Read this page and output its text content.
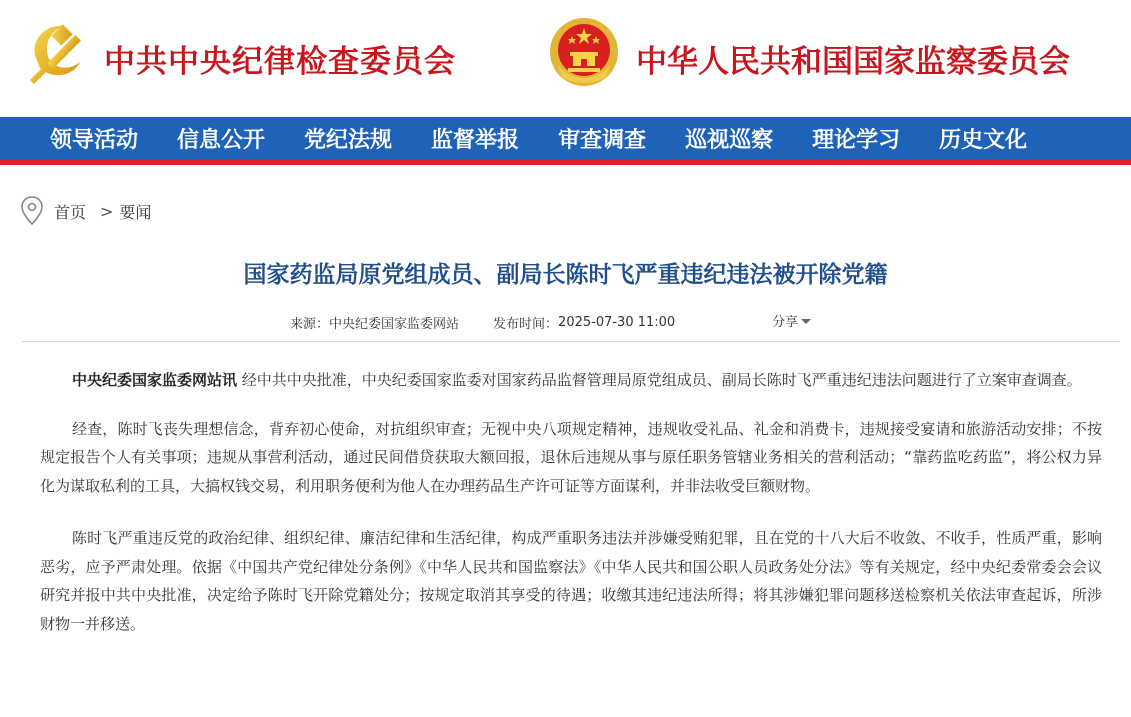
中共中央纪律检查委员会	中华人民共和国国家监察委员会
领导活动 信息公开 党纪法规 监督举报 审查调查 巡视巡察 理论学习 历史文化
首页 > 要闻
国家药监局原党组成员、副局长陈时飞严重违纪违法被开除党籍
来源： 中央纪委国家监委网站	发布时间： 2025-07-30 11:00	分享

中央纪委国家监委网站讯 经中共中央批准，中央纪委国家监委对国家药品监督管理局原党组成员、副局长陈时飞严重违纪违法问题进行了立案审查调查。

经查，陈时飞丧失理想信念，背弃初心使命，对抗组织审查；无视中央八项规定精神，违规收受礼品、礼金和消费卡，违规接受宴请和旅游活动安排；不按规定报告个人有关事项；违规从事营利活动，通过民间借贷获取大额回报，退休后违规从事与原任职务管辖业务相关的营利活动；“靠药监吃药监”，将公权力异化为谋取私利的工具，大搞权钱交易，利用职务便利为他人在办理药品生产许可证等方面谋利，并非法收受巨额财物。

陈时飞严重违反党的政治纪律、组织纪律、廉洁纪律和生活纪律，构成严重职务违法并涉嫌受贿犯罪，且在党的十八大后不收敛、不收手，性质严重，影响恶劣，应予严肃处理。依据《中国共产党纪律处分条例》《中华人民共和国监察法》《中华人民共和国公职人员政务处分法》等有关规定，经中央纪委常委会会议研究并报中共中央批准，决定给予陈时飞开除党籍处分；按规定取消其享受的待遇；收缴其违纪违法所得；将其涉嫌犯罪问题移送检察机关依法审查起诉，所涉财物一并移送。
